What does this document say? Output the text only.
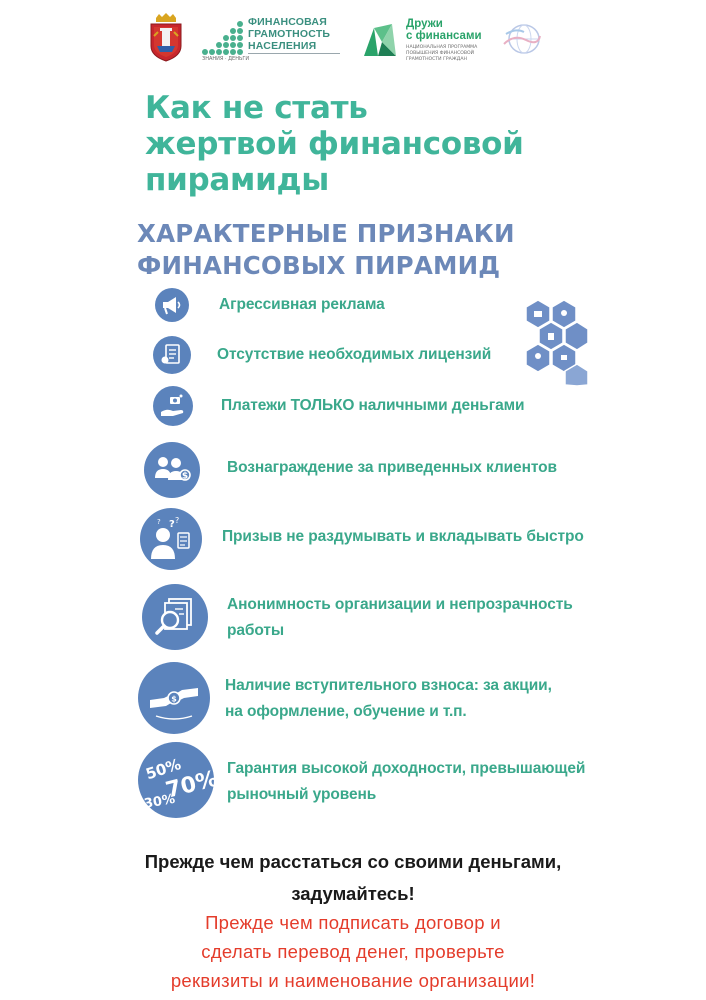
ФИНАНСОВАЯ
ГРАМОТНОСТЬ
НАСЕЛЕНИЯ
ЗНАНИЯ · ДЕНЬГИ
Дружи
с финансами
НАЦИОНАЛЬНАЯ ПРОГРАММА ПОВЫШЕНИЯ ФИНАНСОВОЙ ГРАМОТНОСТИ ГРАЖДАН
Как не стать
жертвой финансовой
пирамиды
ХАРАКТЕРНЫЕ ПРИЗНАКИ
ФИНАНСОВЫХ ПИРАМИД
Агрессивная реклама
Отсутствие необходимых лицензий
Платежи ТОЛЬКО наличными деньгами
$
Вознаграждение за приведенных клиентов
?
? ?
Призыв не раздумывать и вкладывать быстро
Анонимность организации и непрозрачность
работы
$
Наличие вступительного взноса: за акции,
на оформление, обучение и т.п.
50%
70%
30%
Гарантия высокой доходности, превышающей
рыночный уровень
Прежде чем расстаться со своими деньгами,
задумайтесь!
Прежде чем подписать договор и
сделать перевод денег, проверьте
реквизиты и наименование организации!
